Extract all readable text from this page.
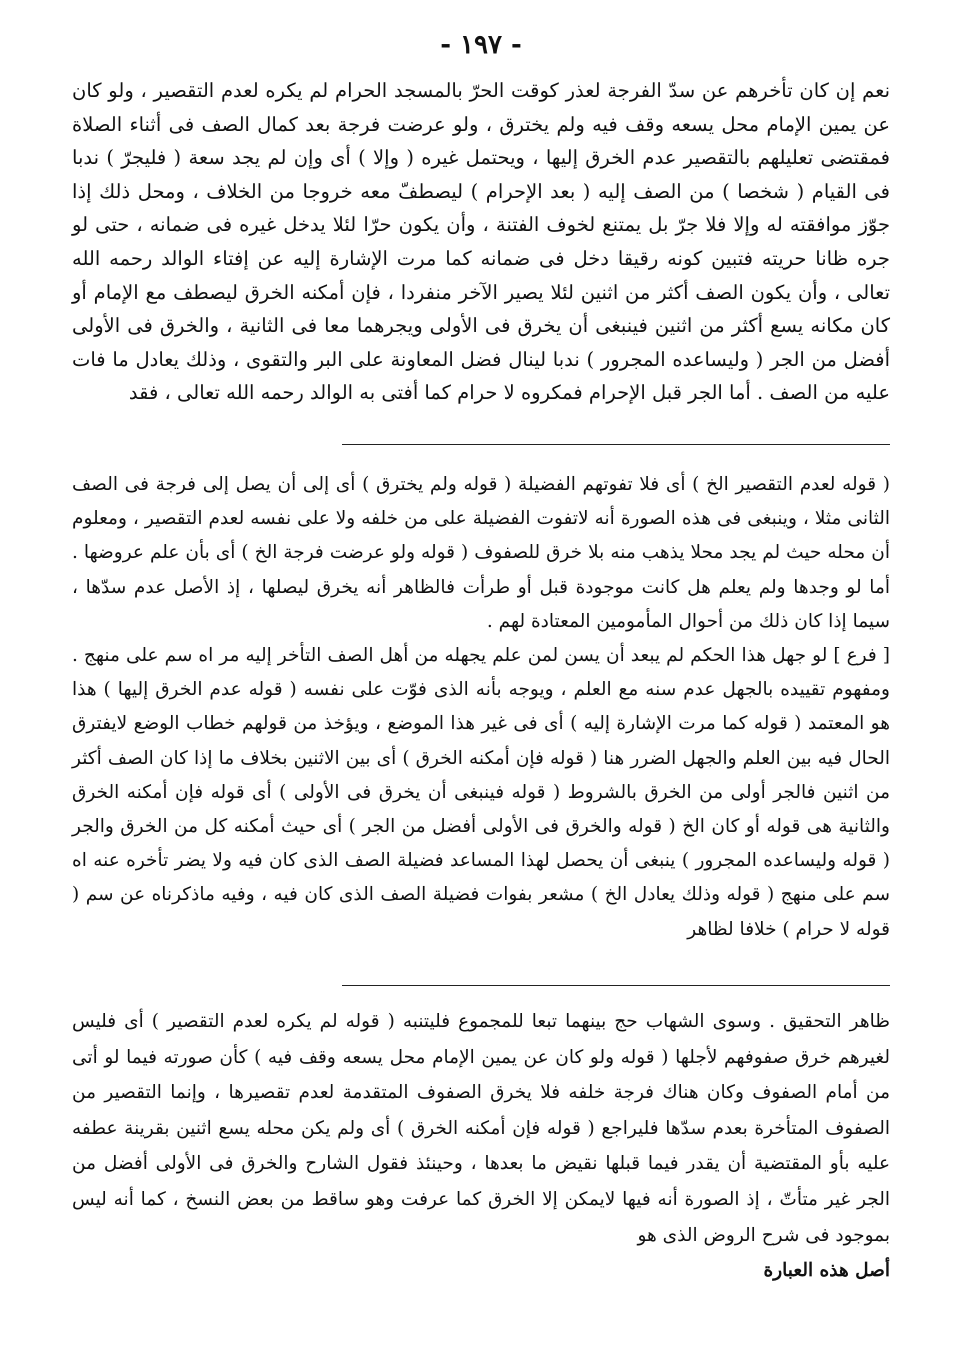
- ١٩٧ -

نعم إن كان تأخرهم عن سدّ الفرجة لعذر كوقت الحرّ بالمسجد الحرام لم يكره لعدم التقصير ، ولو كان عن يمين الإمام محل يسعه وقف فيه ولم يخترق ، ولو عرضت فرجة بعد كمال الصف فى أثناء الصلاة فمقتضى تعليلهم بالتقصير عدم الخرق إليها ، ويحتمل غيره ( وإلا ) أى وإن لم يجد سعة ( فليجرّ ) ندبا فى القيام ( شخصا ) من الصف إليه ( بعد الإحرام ) ليصطفّ معه خروجا من الخلاف ، ومحل ذلك إذا جوّز موافقته له وإلا فلا جرّ بل يمتنع لخوف الفتنة ، وأن يكون حرّا لئلا يدخل غيره فى ضمانه ، حتى لو جره ظانا حريته فتبين كونه رقيقا دخل فى ضمانه كما مرت الإشارة إليه عن إفتاء الوالد رحمه الله تعالى ، وأن يكون الصف أكثر من اثنين لئلا يصير الآخر منفردا ، فإن أمكنه الخرق ليصطف مع الإمام أو كان مكانه يسع أكثر من اثنين فينبغى أن يخرق فى الأولى ويجرهما معا فى الثانية ، والخرق فى الأولى أفضل من الجر ( وليساعده المجرور ) ندبا لينال فضل المعاونة على البر والتقوى ، وذلك يعادل ما فات عليه من الصف . أما الجر قبل الإحرام فمكروه لا حرام كما أفتى به الوالد رحمه الله تعالى ، فقد

( قوله لعدم التقصير الخ ) أى فلا تفوتهم الفضيلة ( قوله ولم يخترق ) أى إلى أن يصل إلى فرجة فى الصف الثانى مثلا ، وينبغى فى هذه الصورة أنه لاتفوت الفضيلة على من خلفه ولا على نفسه لعدم التقصير ، ومعلوم أن محله حيث لم يجد محلا يذهب منه بلا خرق للصفوف ( قوله ولو عرضت فرجة الخ ) أى بأن علم عروضها . أما لو وجدها ولم يعلم هل كانت موجودة قبل أو طرأت فالظاهر أنه يخرق ليصلها ، إذ الأصل عدم سدّها ، سيما إذا كان ذلك من أحوال المأمومين المعتادة لهم .

[ فرع ] لو جهل هذا الحكم لم يبعد أن يسن لمن علم يجهله من أهل الصف التأخر إليه مر اه سم على منهج . ومفهوم تقييده بالجهل عدم سنه مع العلم ، ويوجه بأنه الذى فوّت على نفسه ( قوله عدم الخرق إليها ) هذا هو المعتمد ( قوله كما مرت الإشارة إليه ) أى فى غير هذا الموضع ، ويؤخذ من قولهم خطاب الوضع لايفترق الحال فيه بين العلم والجهل الضرر هنا ( قوله فإن أمكنه الخرق ) أى بين الاثنين بخلاف ما إذا كان الصف أكثر من اثنين فالجر أولى من الخرق بالشروط ( قوله فينبغى أن يخرق فى الأولى ) أى قوله فإن أمكنه الخرق والثانية هى قوله أو كان الخ ( قوله والخرق فى الأولى أفضل من الجر ) أى حيث أمكنه كل من الخرق والجر ( قوله وليساعده المجرور ) ينبغى أن يحصل لهذا المساعد فضيلة الصف الذى كان فيه ولا يضر تأخره عنه اه سم على منهج ( قوله وذلك يعادل الخ ) مشعر بفوات فضيلة الصف الذى كان فيه ، وفيه ماذكرناه عن سم ( قوله لا حرام ) خلافا لظاهر

ظاهر التحقيق . وسوى الشهاب حج بينهما تبعا للمجموع فليتنبه ( قوله لم يكره لعدم التقصير ) أى فليس لغيرهم خرق صفوفهم لأجلها ( قوله ولو كان عن يمين الإمام محل يسعه وقف فيه ) كأن صورته فيما لو أتى من أمام الصفوف وكان هناك فرجة خلفه فلا يخرق الصفوف المتقدمة لعدم تقصيرها ، وإنما التقصير من الصفوف المتأخرة بعدم سدّها فليراجع ( قوله فإن أمكنه الخرق ) أى ولم يكن محله يسع اثنين بقرينة عطفه عليه بأو المقتضية أن يقدر فيما قبلها نقيض ما بعدها ، وحينئذ فقول الشارح والخرق فى الأولى أفضل من الجر غير متأتّ ، إذ الصورة أنه فيها لايمكن إلا الخرق كما عرفت وهو ساقط من بعض النسخ ، كما أنه ليس بموجود فى شرح الروض الذى هو

أصل هذه العبارة
